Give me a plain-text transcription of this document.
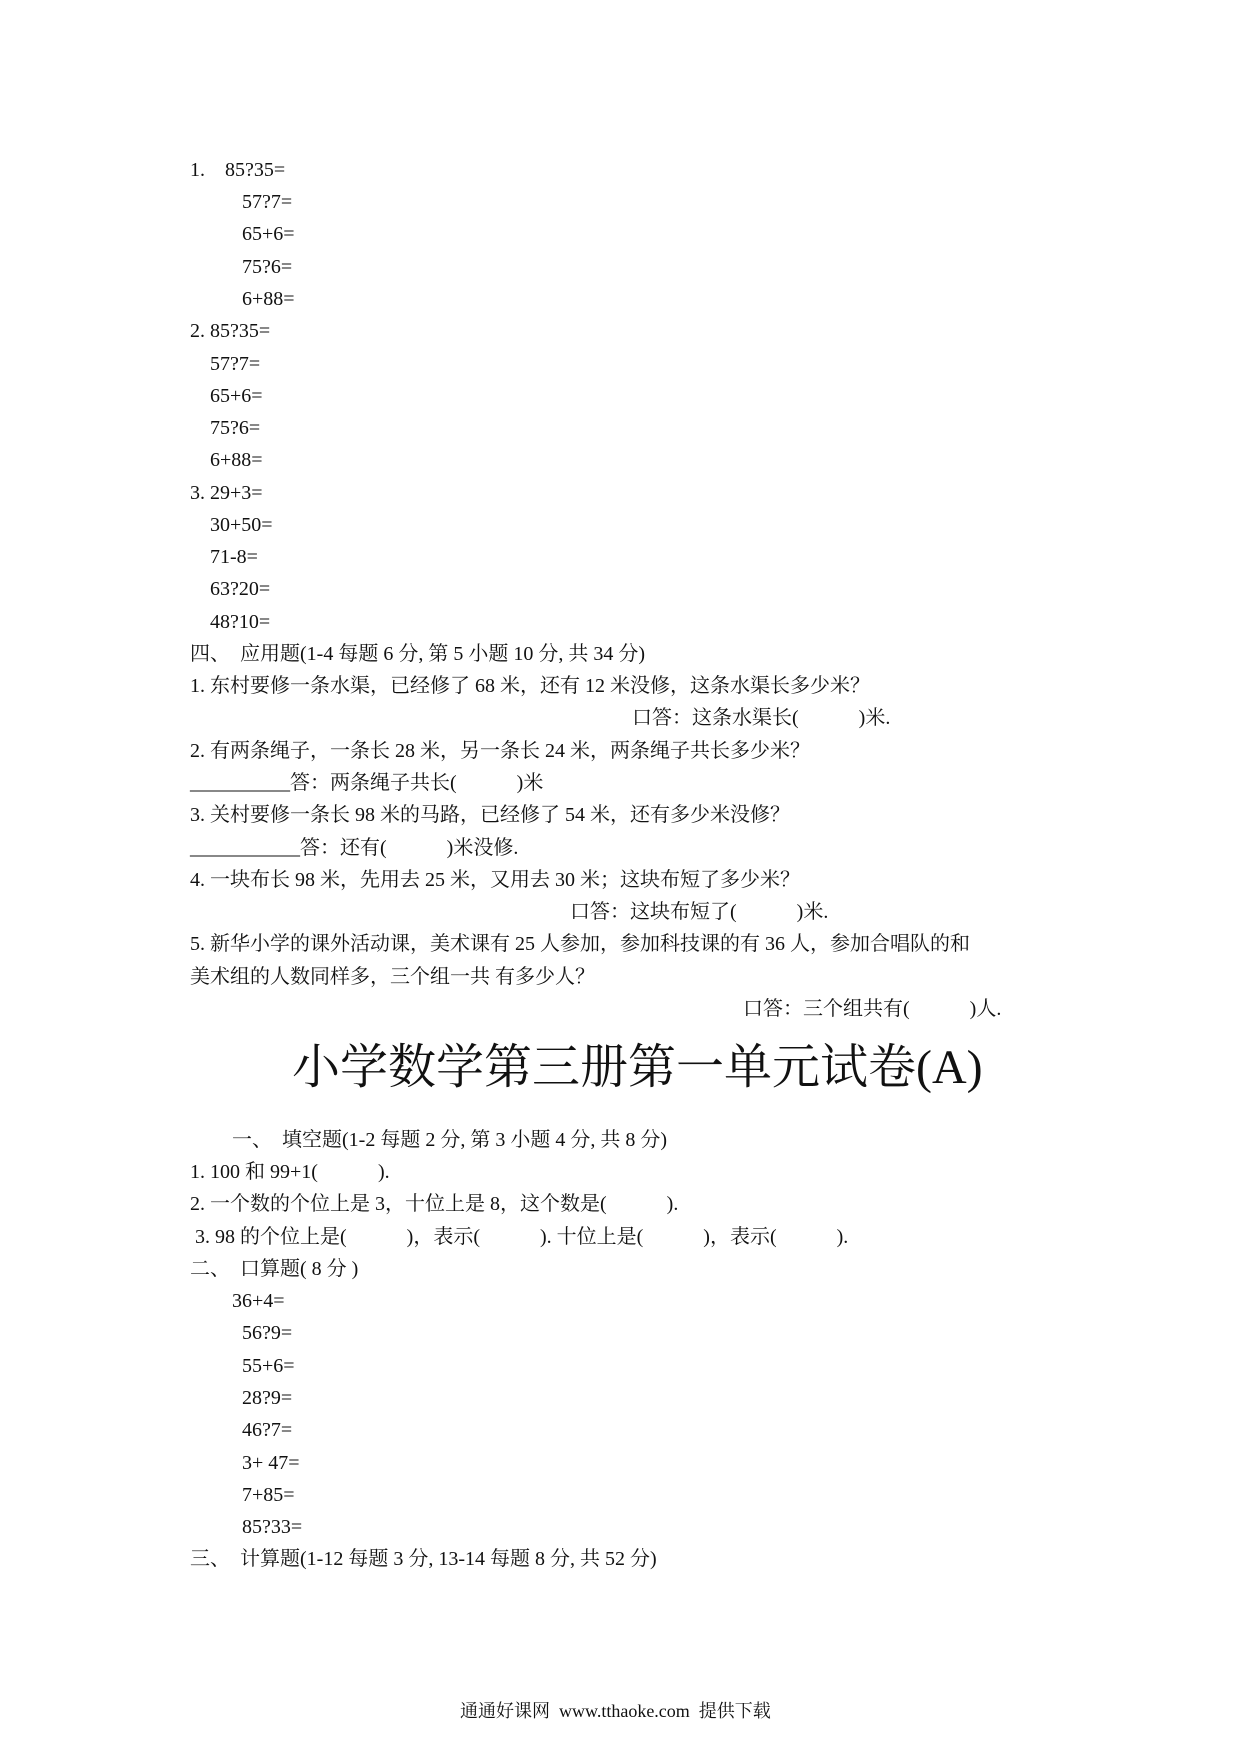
1.    85?35=
57?7=
65+6=
75?6=
6+88=
2. 85?35=
57?7=
65+6=
75?6=
6+88=
3. 29+3=
30+50=
71-8=
63?20=
48?10=
四、  应用题(1-4 每题 6 分, 第 5 小题 10 分, 共 34 分)
1. 东村要修一条水渠，已经修了 68 米，还有 12 米没修，这条水渠长多少米？
口答：这条水渠长(            )米.
2. 有两条绳子，一条长 28 米，另一条长 24 米，两条绳子共长多少米？
__________答：两条绳子共长(            )米
3. 关村要修一条长 98 米的马路，已经修了 54 米，还有多少米没修？
___________答：还有(            )米没修.
4. 一块布长 98 米，先用去 25 米，又用去 30 米；这块布短了多少米？
口答：这块布短了(            )米.
5. 新华小学的课外活动课，美术课有 25 人参加，参加科技课的有 36 人，参加合唱队的和
美术组的人数同样多，三个组一共 有多少人？
口答：三个组共有(            )人.
小学数学第三册第一单元试卷(A)
一、  填空题(1-2 每题 2 分, 第 3 小题 4 分, 共 8 分)
1. 100 和 99+1(            ).
2. 一个数的个位上是 3，十位上是 8，这个数是(            ).
3. 98 的个位上是(            )，表示(            ). 十位上是(            )，表示(            ).
二、  口算题( 8 分 )
36+4=
56?9=
55+6=
28?9=
46?7=
3+ 47=
7+85=
85?33=
三、  计算题(1-12 每题 3 分, 13-14 每题 8 分, 共 52 分)
通通好课网  www.tthaoke.com  提供下载
